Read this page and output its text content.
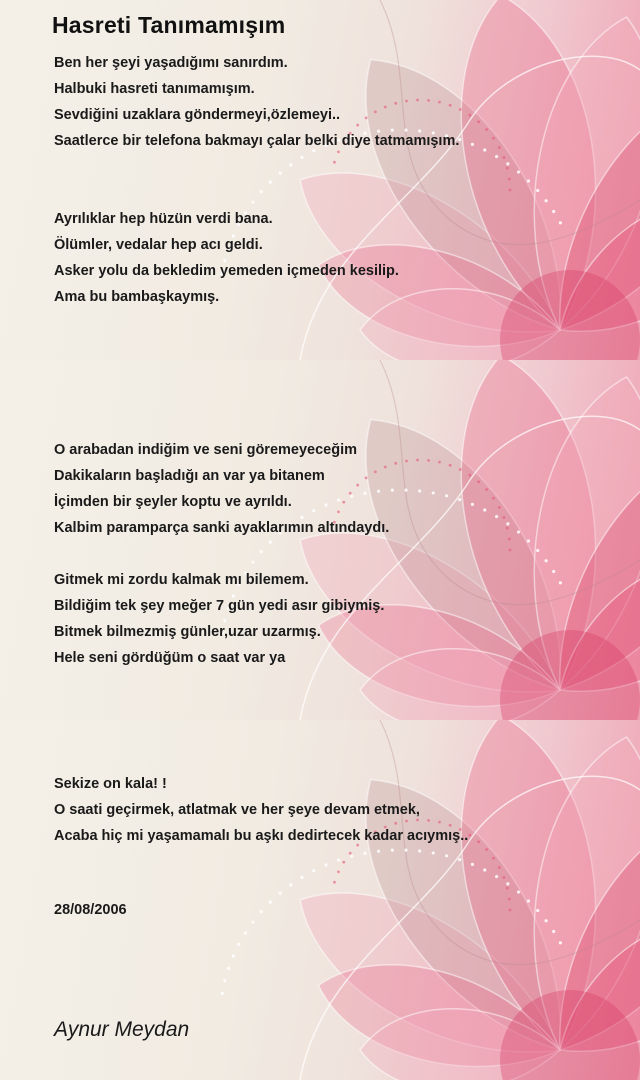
Hasreti Tanımamışım
Ben her şeyi yaşadığımı sanırdım.
Halbuki hasreti tanımamışım.
Sevdiğini uzaklara göndermeyi,özlemeyi..
Saatlerce bir telefona bakmayı çalar belki diye tatmamışım.
Ayrılıklar hep hüzün verdi bana.
Ölümler, vedalar hep acı geldi.
Asker yolu da bekledim yemeden içmeden kesilip.
Ama bu bambaşkaymış.
O arabadan indiğim ve seni göremeyeceğim
Dakikaların başladığı an var ya bitanem
İçimden bir şeyler koptu ve ayrıldı.
Kalbim paramparça sanki ayaklarımın altındaydı.
Gitmek mi zordu kalmak mı bilemem.
Bildiğim tek şey meğer 7 gün yedi asır gibiymiş.
Bitmek bilmezmiş günler,uzar uzarmış.
Hele seni gördüğüm o saat var ya
Sekize on kala! !
O saati geçirmek, atlatmak ve her şeye devam etmek,
Acaba hiç mi yaşamamalı bu aşkı dedirtecek kadar acıymış..
28/08/2006
Aynur Meydan
